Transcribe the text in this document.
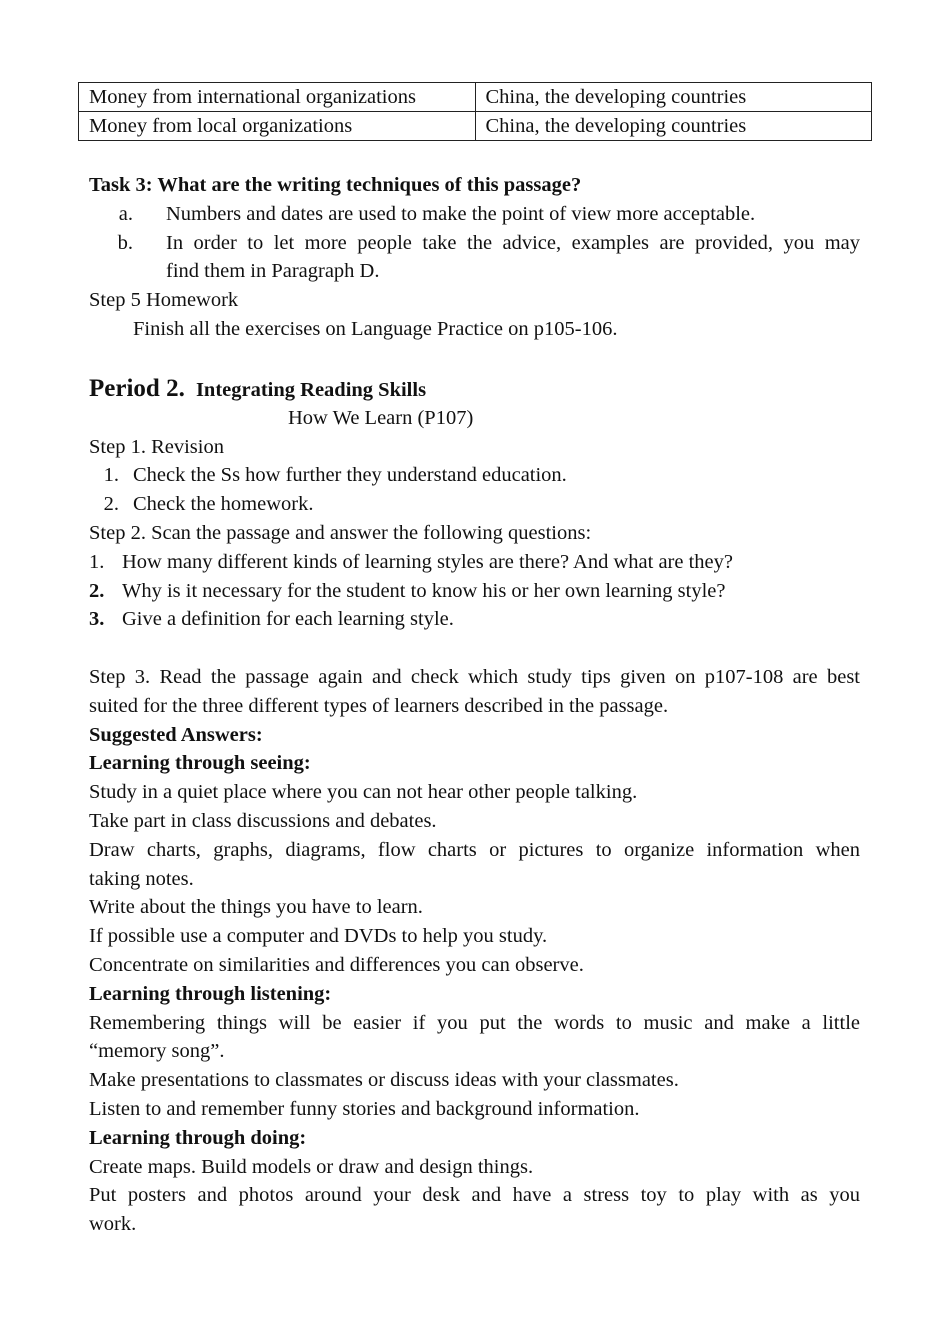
Money from international organizations	China, the developing countries
Money from local organizations	China, the developing countries
Task 3: What are the writing techniques of this passage?
a.	Numbers and dates are used to make the point of view more acceptable.
b.	In order to let more people take the advice, examples are provided, you may
find them in Paragraph D.
Step 5 Homework
Finish all the exercises on Language Practice on p105-106.
Period 2. Integrating Reading Skills
How We Learn (P107)
Step 1. Revision
1. Check the Ss how further they understand education.
2. Check the homework.
Step 2. Scan the passage and answer the following questions:
1. How many different kinds of learning styles are there? And what are they?
2. Why is it necessary for the student to know his or her own learning style?
3. Give a definition for each learning style.
Step 3. Read the passage again and check which study tips given on p107-108 are best
suited for the three different types of learners described in the passage.
Suggested Answers:
Learning through seeing:
Study in a quiet place where you can not hear other people talking.
Take part in class discussions and debates.
Draw charts, graphs, diagrams, flow charts or pictures to organize information when
taking notes.
Write about the things you have to learn.
If possible use a computer and DVDs to help you study.
Concentrate on similarities and differences you can observe.
Learning through listening:
Remembering things will be easier if you put the words to music and make a little
“memory song”.
Make presentations to classmates or discuss ideas with your classmates.
Listen to and remember funny stories and background information.
Learning through doing:
Create maps. Build models or draw and design things.
Put posters and photos around your desk and have a stress toy to play with as you
work.
